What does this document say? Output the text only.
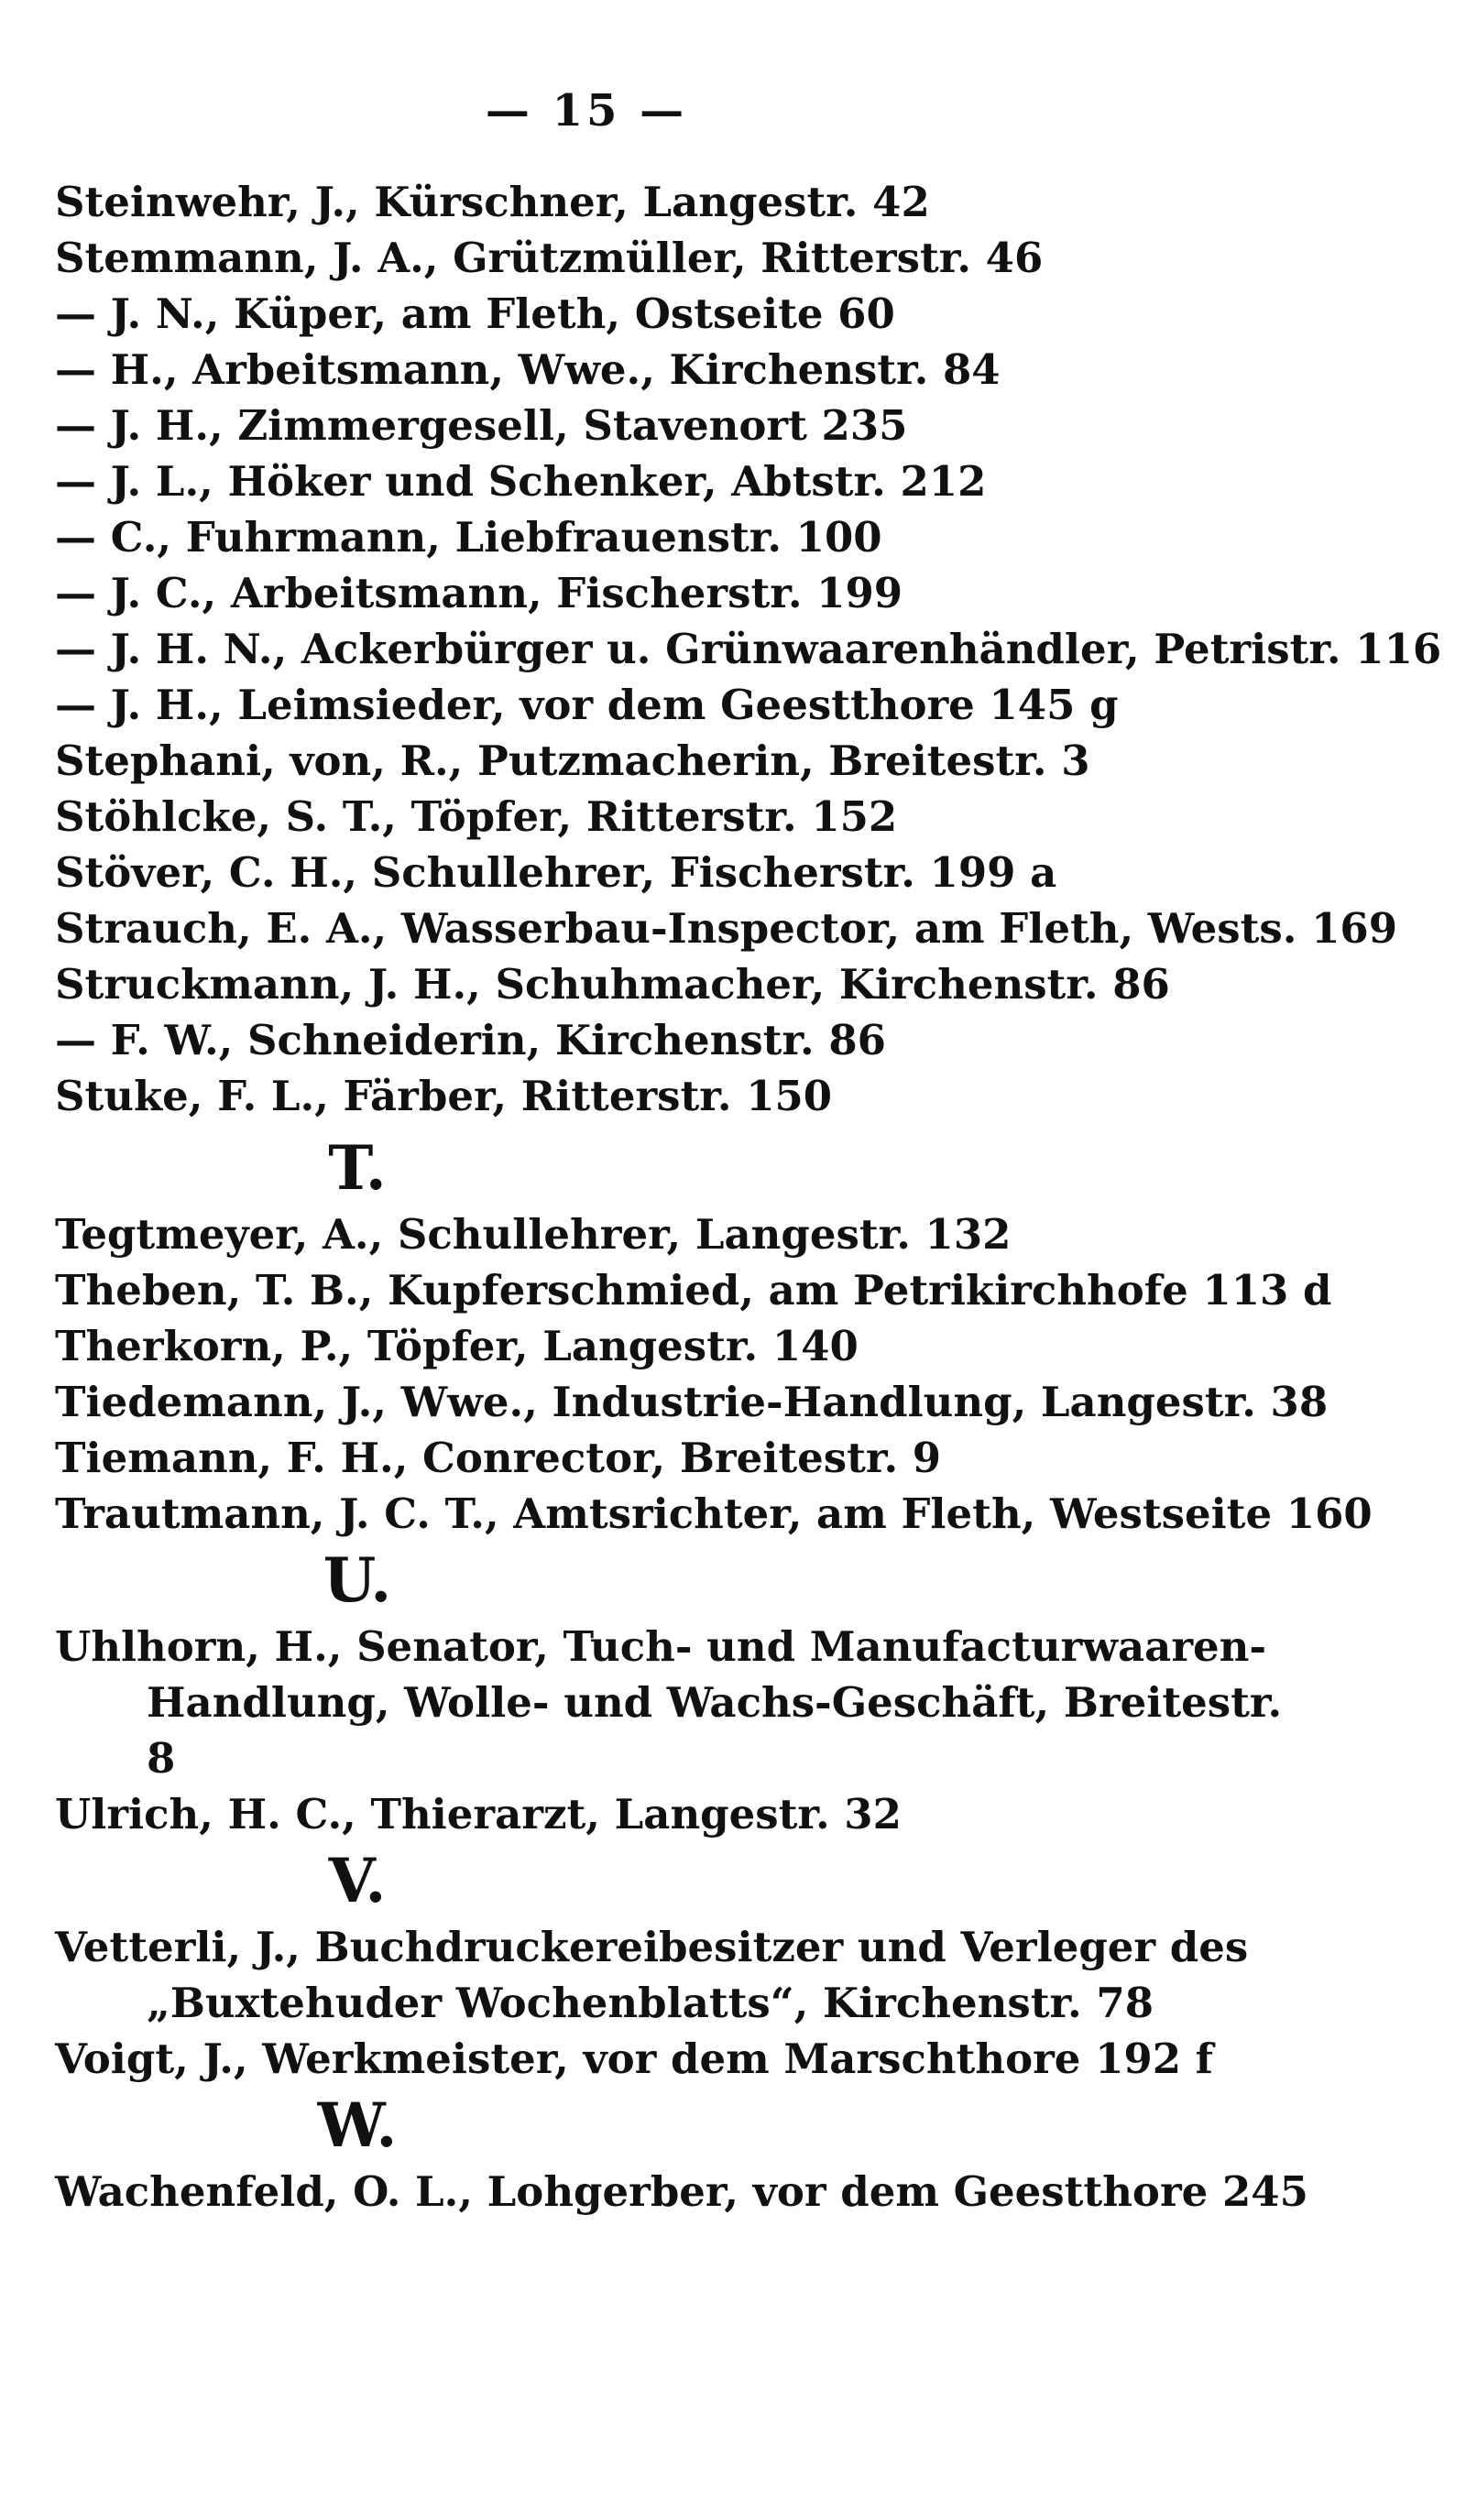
— 15 —
Steinwehr, J., Kürschner, Langestr. 42
Stemmann, J. A., Grützmüller, Ritterstr. 46
— J. N., Küper, am Fleth, Ostseite 60
— H., Arbeitsmann, Wwe., Kirchenstr. 84
— J. H., Zimmergesell, Stavenort 235
— J. L., Höker und Schenker, Abtstr. 212
— C., Fuhrmann, Liebfrauenstr. 100
— J. C., Arbeitsmann, Fischerstr. 199
— J. H. N., Ackerbürger u. Grünwaarenhändler, Petristr. 116
— J. H., Leimsieder, vor dem Geestthore 145 g
Stephani, von, R., Putzmacherin, Breitestr. 3
Stöhlcke, S. T., Töpfer, Ritterstr. 152
Stöver, C. H., Schullehrer, Fischerstr. 199 a
Strauch, E. A., Wasserbau-Inspector, am Fleth, Wests. 169
Struckmann, J. H., Schuhmacher, Kirchenstr. 86
— F. W., Schneiderin, Kirchenstr. 86
Stuke, F. L., Färber, Ritterstr. 150
T.
Tegtmeyer, A., Schullehrer, Langestr. 132
Theben, T. B., Kupferschmied, am Petrikirchhofe 113 d
Therkorn, P., Töpfer, Langestr. 140
Tiedemann, J., Wwe., Industrie-Handlung, Langestr. 38
Tiemann, F. H., Conrector, Breitestr. 9
Trautmann, J. C. T., Amtsrichter, am Fleth, Westseite 160
U.
Uhlhorn, H., Senator, Tuch- und Manufacturwaaren-Handlung, Wolle- und Wachs-Geschäft, Breitestr. 8
Ulrich, H. C., Thierarzt, Langestr. 32
V.
Vetterli, J., Buchdruckereibesitzer und Verleger des „Buxtehuder Wochenblatts“, Kirchenstr. 78
Voigt, J., Werkmeister, vor dem Marschthore 192 f
W.
Wachenfeld, O. L., Lohgerber, vor dem Geestthore 245
